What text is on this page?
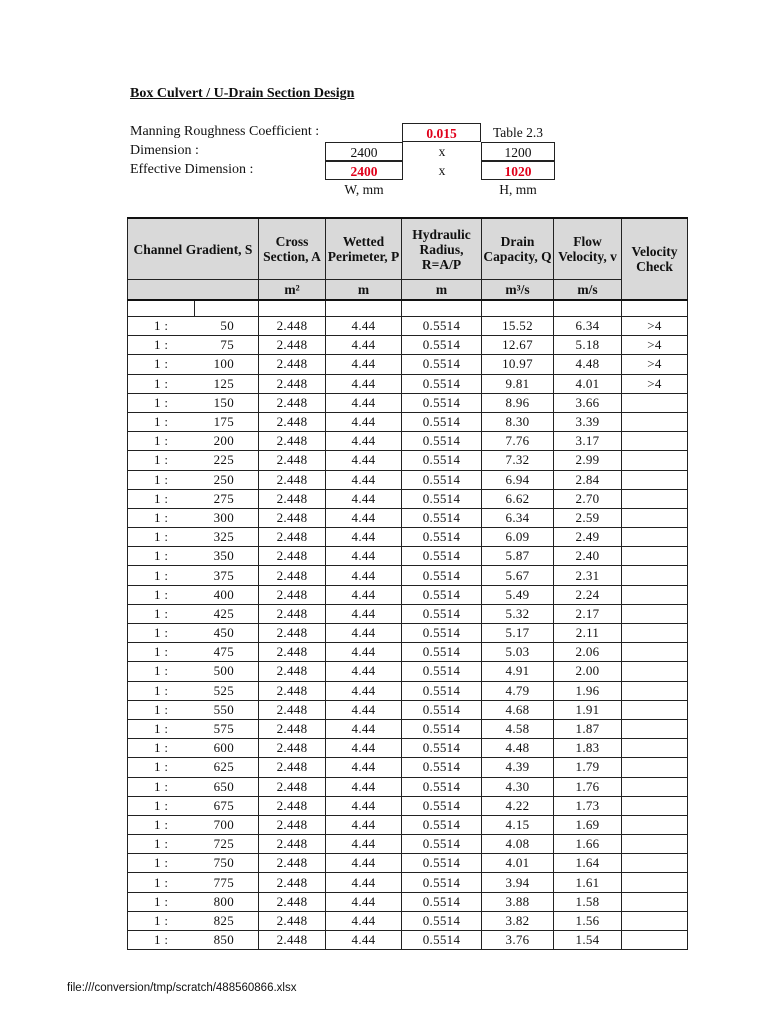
Box Culvert / U-Drain Section Design
Manning Roughness Coefficient :	0.015	Table 2.3
Dimension :	2400	x	1200
Effective Dimension :	2400	x	1020
W, mm	H, mm
Channel Gradient, S		Cross Section, A	Wetted Perimeter, P	Hydraulic Radius, R=A/P	Drain Capacity, Q	Flow Velocity, v	Velocity Check
		m²	m	m	m³/s	m/s	

1 :	50	2.448	4.44	0.5514	15.52	6.34	>4
1 :	75	2.448	4.44	0.5514	12.67	5.18	>4
1 :	100	2.448	4.44	0.5514	10.97	4.48	>4
1 :	125	2.448	4.44	0.5514	9.81	4.01	>4
1 :	150	2.448	4.44	0.5514	8.96	3.66	
1 :	175	2.448	4.44	0.5514	8.30	3.39	
1 :	200	2.448	4.44	0.5514	7.76	3.17	
1 :	225	2.448	4.44	0.5514	7.32	2.99	
1 :	250	2.448	4.44	0.5514	6.94	2.84	
1 :	275	2.448	4.44	0.5514	6.62	2.70	
1 :	300	2.448	4.44	0.5514	6.34	2.59	
1 :	325	2.448	4.44	0.5514	6.09	2.49	
1 :	350	2.448	4.44	0.5514	5.87	2.40	
1 :	375	2.448	4.44	0.5514	5.67	2.31	
1 :	400	2.448	4.44	0.5514	5.49	2.24	
1 :	425	2.448	4.44	0.5514	5.32	2.17	
1 :	450	2.448	4.44	0.5514	5.17	2.11	
1 :	475	2.448	4.44	0.5514	5.03	2.06	
1 :	500	2.448	4.44	0.5514	4.91	2.00	
1 :	525	2.448	4.44	0.5514	4.79	1.96	
1 :	550	2.448	4.44	0.5514	4.68	1.91	
1 :	575	2.448	4.44	0.5514	4.58	1.87	
1 :	600	2.448	4.44	0.5514	4.48	1.83	
1 :	625	2.448	4.44	0.5514	4.39	1.79	
1 :	650	2.448	4.44	0.5514	4.30	1.76	
1 :	675	2.448	4.44	0.5514	4.22	1.73	
1 :	700	2.448	4.44	0.5514	4.15	1.69	
1 :	725	2.448	4.44	0.5514	4.08	1.66	
1 :	750	2.448	4.44	0.5514	4.01	1.64	
1 :	775	2.448	4.44	0.5514	3.94	1.61	
1 :	800	2.448	4.44	0.5514	3.88	1.58	
1 :	825	2.448	4.44	0.5514	3.82	1.56	
1 :	850	2.448	4.44	0.5514	3.76	1.54	
file:///conversion/tmp/scratch/488560866.xlsx
